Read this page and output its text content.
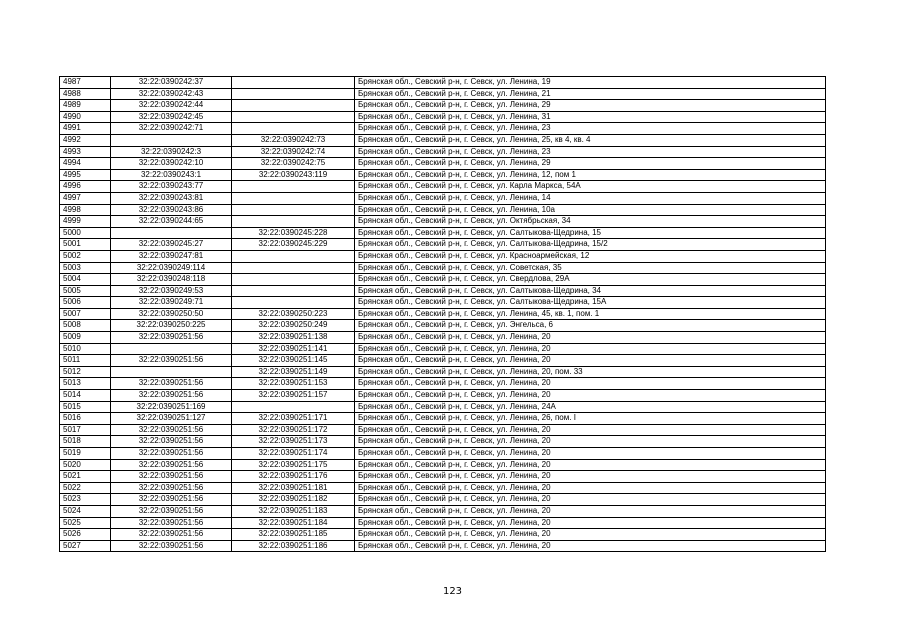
4987	32:22:0390242:37		Брянская обл., Севский р-н, г. Севск, ул. Ленина, 19
4988	32:22:0390242:43		Брянская обл., Севский р-н, г. Севск, ул. Ленина, 21
4989	32:22:0390242:44		Брянская обл., Севский р-н, г. Севск, ул. Ленина, 29
4990	32:22:0390242:45		Брянская обл., Севский р-н, г. Севск, ул. Ленина, 31
4991	32:22:0390242:71		Брянская обл., Севский р-н, г. Севск, ул. Ленина, 23
4992		32:22:0390242:73	Брянская обл., Севский р-н, г. Севск, ул. Ленина, 25, кв 4, кв. 4
4993	32:22:0390242:3	32:22:0390242:74	Брянская обл., Севский р-н, г. Севск, ул. Ленина, 23
4994	32:22:0390242:10	32:22:0390242:75	Брянская обл., Севский р-н, г. Севск, ул. Ленина, 29
4995	32:22:0390243:1	32:22:0390243:119	Брянская обл., Севский р-н, г. Севск, ул. Ленина, 12, пом 1
4996	32:22:0390243:77		Брянская обл., Севский р-н, г. Севск, ул. Карла Маркса, 54А
4997	32:22:0390243:81		Брянская обл., Севский р-н, г. Севск, ул. Ленина, 14
4998	32:22:0390243:86		Брянская обл., Севский р-н, г. Севск, ул. Ленина, 10а
4999	32:22:0390244:65		Брянская обл., Севский р-н, г. Севск, ул. Октябрьская, 34
5000		32:22:0390245:228	Брянская обл., Севский р-н, г. Севск, ул. Салтыкова-Щедрина, 15
5001	32:22:0390245:27	32:22:0390245:229	Брянская обл., Севский р-н, г. Севск, ул. Салтыкова-Щедрина, 15/2
5002	32:22:0390247:81		Брянская обл., Севский р-н, г. Севск, ул. Красноармейская, 12
5003	32:22:0390249:114		Брянская обл., Севский р-н, г. Севск, ул. Советская, 35
5004	32:22:0390248:118		Брянская обл., Севский р-н, г. Севск, ул. Свердлова, 29А
5005	32:22:0390249:53		Брянская обл., Севский р-н, г. Севск, ул. Салтыкова-Щедрина, 34
5006	32:22:0390249:71		Брянская обл., Севский р-н, г. Севск, ул. Салтыкова-Щедрина, 15А
5007	32:22:0390250:50	32:22:0390250:223	Брянская обл., Севский р-н, г. Севск, ул. Ленина, 45, кв. 1, пом. 1
5008	32:22:0390250:225	32:22:0390250:249	Брянская обл., Севский р-н, г. Севск, ул. Энгельса, 6
5009	32:22:0390251:56	32:22:0390251:138	Брянская обл., Севский р-н, г. Севск, ул. Ленина, 20
5010		32:22:0390251:141	Брянская обл., Севский р-н, г. Севск, ул. Ленина, 20
5011	32:22:0390251:56	32:22:0390251:145	Брянская обл., Севский р-н, г. Севск, ул. Ленина, 20
5012		32:22:0390251:149	Брянская обл., Севский р-н, г. Севск, ул. Ленина, 20, пом. 33
5013	32:22:0390251:56	32:22:0390251:153	Брянская обл., Севский р-н, г. Севск, ул. Ленина, 20
5014	32:22:0390251:56	32:22:0390251:157	Брянская обл., Севский р-н, г. Севск, ул. Ленина, 20
5015	32:22:0390251:169		Брянская обл., Севский р-н, г. Севск, ул. Ленина, 24А
5016	32:22:0390251:127	32:22:0390251:171	Брянская обл., Севский р-н, г. Севск, ул. Ленина, 26, пом. I
5017	32:22:0390251:56	32:22:0390251:172	Брянская обл., Севский р-н, г. Севск, ул. Ленина, 20
5018	32:22:0390251:56	32:22:0390251:173	Брянская обл., Севский р-н, г. Севск, ул. Ленина, 20
5019	32:22:0390251:56	32:22:0390251:174	Брянская обл., Севский р-н, г. Севск, ул. Ленина, 20
5020	32:22:0390251:56	32:22:0390251:175	Брянская обл., Севский р-н, г. Севск, ул. Ленина, 20
5021	32:22:0390251:56	32:22:0390251:176	Брянская обл., Севский р-н, г. Севск, ул. Ленина, 20
5022	32:22:0390251:56	32:22:0390251:181	Брянская обл., Севский р-н, г. Севск, ул. Ленина, 20
5023	32:22:0390251:56	32:22:0390251:182	Брянская обл., Севский р-н, г. Севск, ул. Ленина, 20
5024	32:22:0390251:56	32:22:0390251:183	Брянская обл., Севский р-н, г. Севск, ул. Ленина, 20
5025	32:22:0390251:56	32:22:0390251:184	Брянская обл., Севский р-н, г. Севск, ул. Ленина, 20
5026	32:22:0390251:56	32:22:0390251:185	Брянская обл., Севский р-н, г. Севск, ул. Ленина, 20
5027	32:22:0390251:56	32:22:0390251:186	Брянская обл., Севский р-н, г. Севск, ул. Ленина, 20
123
